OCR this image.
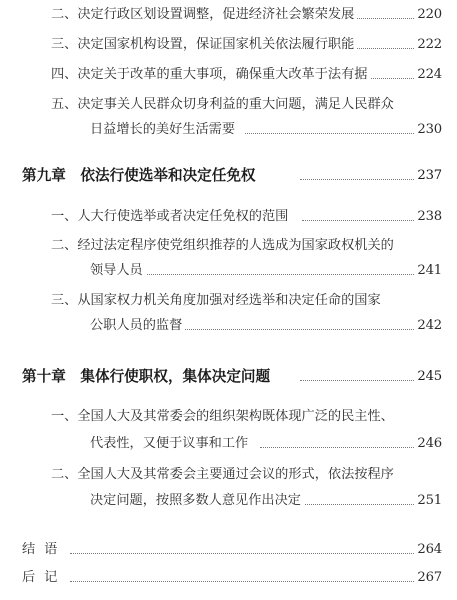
二、决定行政区划设置调整，促进经济社会繁荣发展	220
三、决定国家机构设置，保证国家机关依法履行职能	222
四、决定关于改革的重大事项，确保重大改革于法有据	224
五、决定事关人民群众切身利益的重大问题，满足人民群众
日益增长的美好生活需要	230
第九章　依法行使选举和决定任免权	237
一、人大行使选举或者决定任免权的范围	238
二、经过法定程序使党组织推荐的人选成为国家政权机关的
领导人员	241
三、从国家权力机关角度加强对经选举和决定任命的国家
公职人员的监督	242
第十章　集体行使职权，集体决定问题	245
一、全国人大及其常委会的组织架构既体现广泛的民主性、
代表性，又便于议事和工作	246
二、全国人大及其常委会主要通过会议的形式，依法按程序
决定问题，按照多数人意见作出决定	251
结语	264
后记	267
